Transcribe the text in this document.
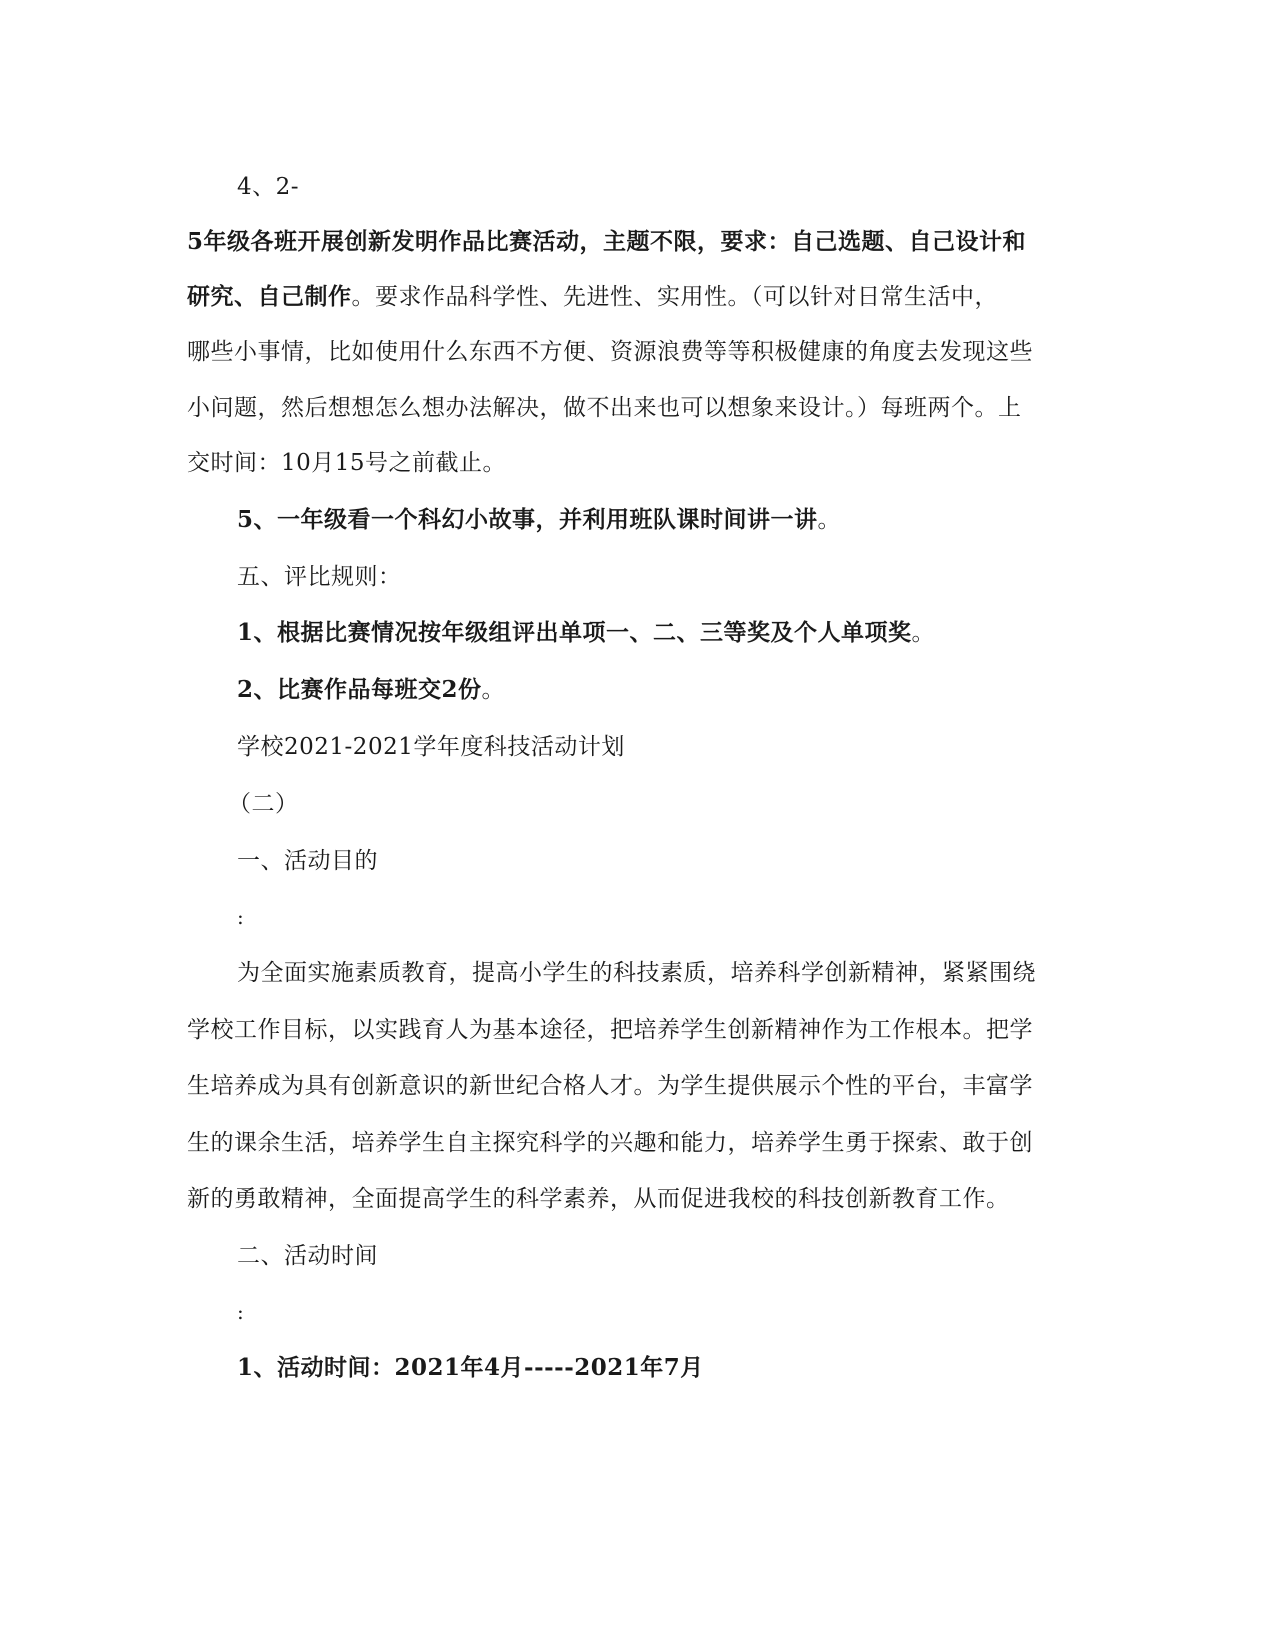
4、2-
5年级各班开展创新发明作品比赛活动，主题不限，要求：自己选题、自己设计和
研究、自己制作。要求作品科学性、先进性、实用性。（可以针对日常生活中，
哪些小事情，比如使用什么东西不方便、资源浪费等等积极健康的角度去发现这些
小问题，然后想想怎么想办法解决，做不出来也可以想象来设计。）每班两个。上
交时间：10月15号之前截止。
5、一年级看一个科幻小故事，并利用班队课时间讲一讲。
五、评比规则：
1、根据比赛情况按年级组评出单项一、二、三等奖及个人单项奖。
2、比赛作品每班交2份。
学校2021-2021学年度科技活动计划
（二）
一、活动目的
:
为全面实施素质教育，提高小学生的科技素质，培养科学创新精神，紧紧围绕
学校工作目标，以实践育人为基本途径，把培养学生创新精神作为工作根本。把学
生培养成为具有创新意识的新世纪合格人才。为学生提供展示个性的平台，丰富学
生的课余生活，培养学生自主探究科学的兴趣和能力，培养学生勇于探索、敢于创
新的勇敢精神，全面提高学生的科学素养，从而促进我校的科技创新教育工作。
二、活动时间
:
1、活动时间：2021年4月-----2021年7月
